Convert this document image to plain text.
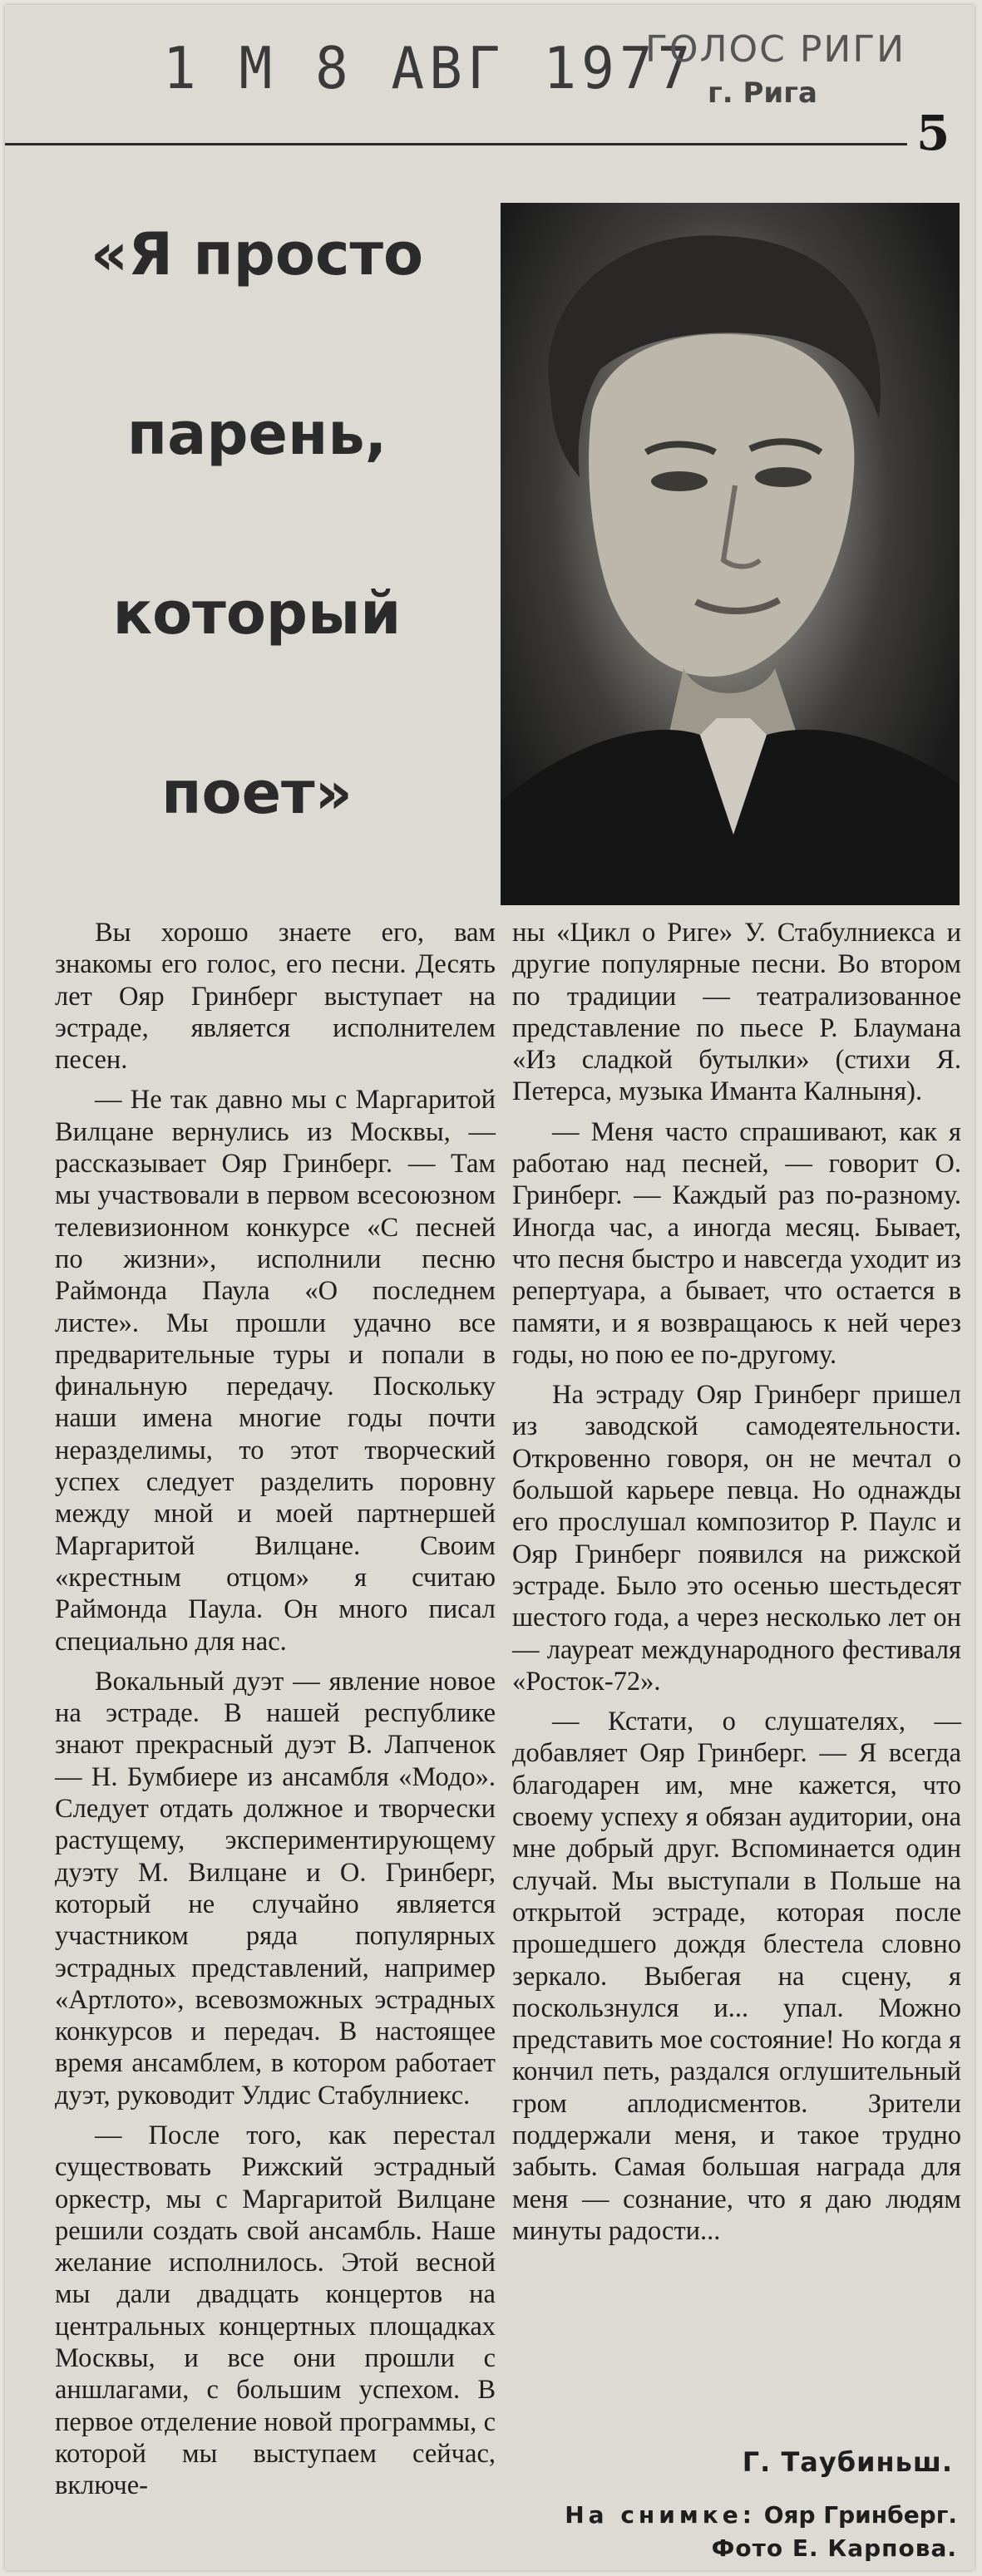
1 М 8 АВГ 1977
ГОЛОС РИГИ
г. Рига
5
«Я просто
парень,
который
поет»

Вы хорошо знаете его, вам знакомы его голос, его песни. Десять лет Ояр Гринберг выступает на эстраде, является исполнителем песен.

— Не так давно мы с Маргаритой Вилцане вернулись из Москвы, — рассказывает Ояр Гринберг. — Там мы участвовали в первом всесоюзном телевизионном конкурсе «С песней по жизни», исполнили песню Раймонда Паула «О последнем листе». Мы прошли удачно все предварительные туры и попали в финальную передачу. Поскольку наши имена многие годы почти неразделимы, то этот творческий успех следует разделить поровну между мной и моей партнершей Маргаритой Вилцане. Своим «крестным отцом» я считаю Раймонда Паула. Он много писал специально для нас.

Вокальный дуэт — явление новое на эстраде. В нашей республике знают прекрасный дуэт В. Лапченок — Н. Бумбиере из ансамбля «Модо». Следует отдать должное и творчески растущему, экспериментирующему дуэту М. Вилцане и О. Гринберг, который не случайно является участником ряда популярных эстрадных представлений, например «Артлото», всевозможных эстрадных конкурсов и передач. В настоящее время ансамблем, в котором работает дуэт, руководит Улдис Стабулниекс.

— После того, как перестал существовать Рижский эстрадный оркестр, мы с Маргаритой Вилцане решили создать свой ансамбль. Наше желание исполнилось. Этой весной мы дали двадцать концертов на центральных концертных площадках Москвы, и все они прошли с аншлагами, с большим успехом. В первое отделение новой программы, с которой мы выступаем сейчас, включе-

ны «Цикл о Риге» У. Стабулниекса и другие популярные песни. Во втором по традиции — театрализованное представление по пьесе Р. Блаумана «Из сладкой бутылки» (стихи Я. Петерса, музыка Иманта Калныня).

— Меня часто спрашивают, как я работаю над песней, — говорит О. Гринберг. — Каждый раз по-разному. Иногда час, а иногда месяц. Бывает, что песня быстро и навсегда уходит из репертуара, а бывает, что остается в памяти, и я возвращаюсь к ней через годы, но пою ее по-другому.

На эстраду Ояр Гринберг пришел из заводской самодеятельности. Откровенно говоря, он не мечтал о большой карьере певца. Но однажды его прослушал композитор Р. Паулс и Ояр Гринберг появился на рижской эстраде. Было это осенью шестьдесят шестого года, а через несколько лет он — лауреат международного фестиваля «Росток-72».

— Кстати, о слушателях, — добавляет Ояр Гринберг. — Я всегда благодарен им, мне кажется, что своему успеху я обязан аудитории, она мне добрый друг. Вспоминается один случай. Мы выступали в Польше на открытой эстраде, которая после прошедшего дождя блестела словно зеркало. Выбегая на сцену, я поскользнулся и... упал. Можно представить мое состояние! Но когда я кончил петь, раздался оглушительный гром аплодисментов. Зрители поддержали меня, и такое трудно забыть. Самая большая награда для меня — сознание, что я даю людям минуты радости...

Г. Таубиньш.
На снимке: Ояр Гринберг.
Фото Е. Карпова.
